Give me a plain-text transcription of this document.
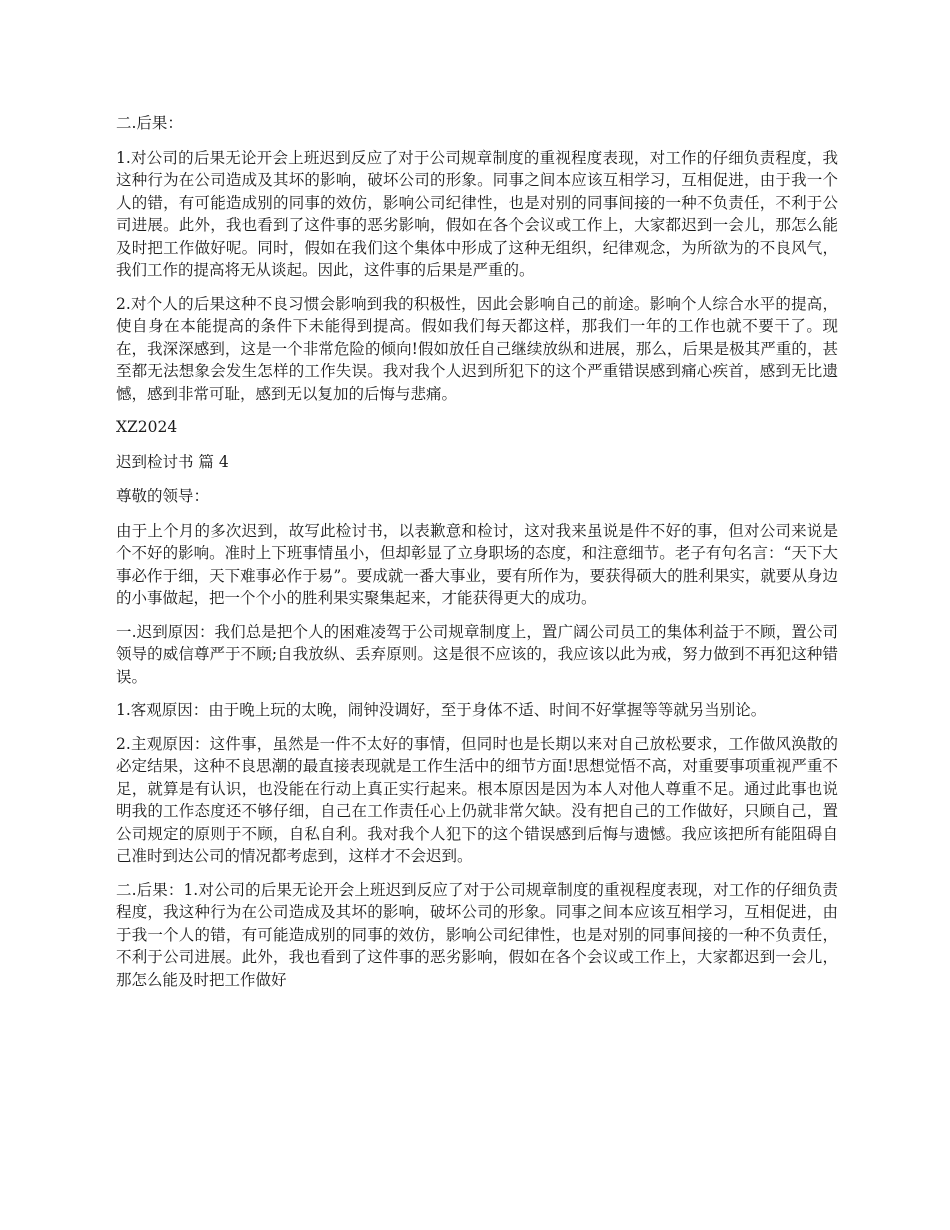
二.后果：

1.对公司的后果无论开会上班迟到反应了对于公司规章制度的重视程度表现，对工作的仔细负责程度，我这种行为在公司造成及其坏的影响，破坏公司的形象。同事之间本应该互相学习，互相促进，由于我一个人的错，有可能造成别的同事的效仿，影响公司纪律性，也是对别的同事间接的一种不负责任，不利于公司进展。此外，我也看到了这件事的恶劣影响，假如在各个会议或工作上，大家都迟到一会儿，那怎么能及时把工作做好呢。同时，假如在我们这个集体中形成了这种无组织，纪律观念，为所欲为的不良风气，我们工作的提高将无从谈起。因此，这件事的后果是严重的。

2.对个人的后果这种不良习惯会影响到我的积极性，因此会影响自己的前途。影响个人综合水平的提高，使自身在本能提高的条件下未能得到提高。假如我们每天都这样，那我们一年的工作也就不要干了。现在，我深深感到，这是一个非常危险的倾向!假如放任自己继续放纵和进展，那么，后果是极其严重的，甚至都无法想象会发生怎样的工作失误。我对我个人迟到所犯下的这个严重错误感到痛心疾首，感到无比遗憾，感到非常可耻，感到无以复加的后悔与悲痛。

XZ2024

迟到检讨书 篇 4

尊敬的领导：

由于上个月的多次迟到，故写此检讨书，以表歉意和检讨，这对我来虽说是件不好的事，但对公司来说是个不好的影响。准时上下班事情虽小，但却彰显了立身职场的态度，和注意细节。老子有句名言：“天下大事必作于细，天下难事必作于易”。要成就一番大事业，要有所作为，要获得硕大的胜利果实，就要从身边的小事做起，把一个个小的胜利果实聚集起来，才能获得更大的成功。

一.迟到原因：我们总是把个人的困难凌驾于公司规章制度上，置广阔公司员工的集体利益于不顾，置公司领导的威信尊严于不顾;自我放纵、丢弃原则。这是很不应该的，我应该以此为戒，努力做到不再犯这种错误。

1.客观原因：由于晚上玩的太晚，闹钟没调好，至于身体不适、时间不好掌握等等就另当别论。

2.主观原因：这件事，虽然是一件不太好的事情，但同时也是长期以来对自己放松要求，工作做风涣散的必定结果，这种不良思潮的最直接表现就是工作生活中的细节方面!思想觉悟不高，对重要事项重视严重不足，就算是有认识，也没能在行动上真正实行起来。根本原因是因为本人对他人尊重不足。通过此事也说明我的工作态度还不够仔细，自己在工作责任心上仍就非常欠缺。没有把自己的工作做好，只顾自己，置公司规定的原则于不顾，自私自利。我对我个人犯下的这个错误感到后悔与遗憾。我应该把所有能阻碍自己准时到达公司的情况都考虑到，这样才不会迟到。

二.后果：1.对公司的后果无论开会上班迟到反应了对于公司规章制度的重视程度表现，对工作的仔细负责程度，我这种行为在公司造成及其坏的影响，破坏公司的形象。同事之间本应该互相学习，互相促进，由于我一个人的错，有可能造成别的同事的效仿，影响公司纪律性，也是对别的同事间接的一种不负责任，不利于公司进展。此外，我也看到了这件事的恶劣影响，假如在各个会议或工作上，大家都迟到一会儿，那怎么能及时把工作做好
